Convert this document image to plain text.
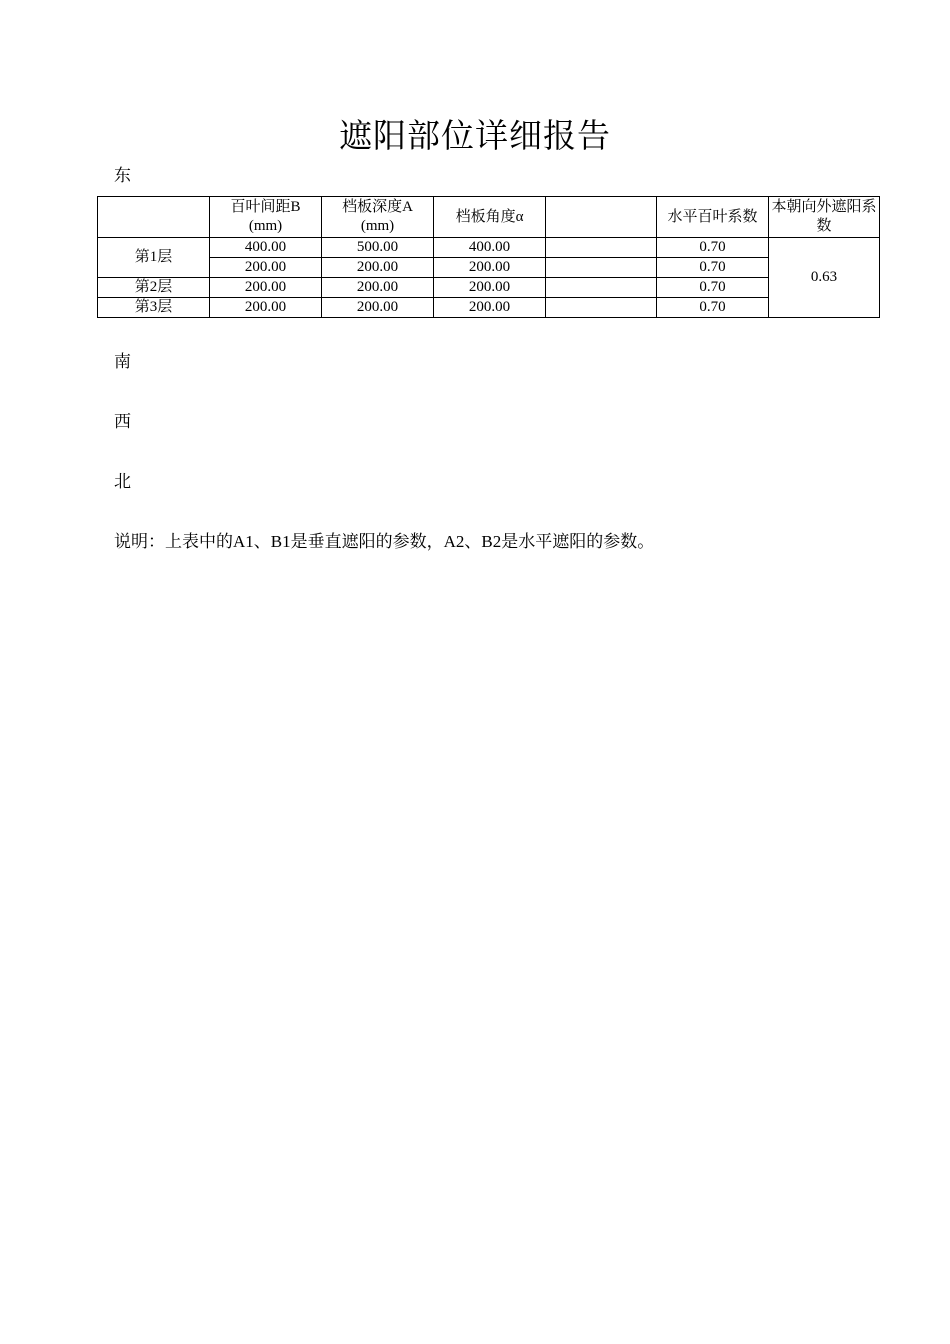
遮阳部位详细报告
东
	百叶间距B (mm)	档板深度A (mm)	档板角度α		水平百叶系数	本朝向外遮阳系数
第1层	400.00	500.00	400.00		0.70	0.63
	200.00	200.00	200.00		0.70	
第2层	200.00	200.00	200.00		0.70	
第3层	200.00	200.00	200.00		0.70	
南
西
北
说明：上表中的A1、B1是垂直遮阳的参数，A2、B2是水平遮阳的参数。
